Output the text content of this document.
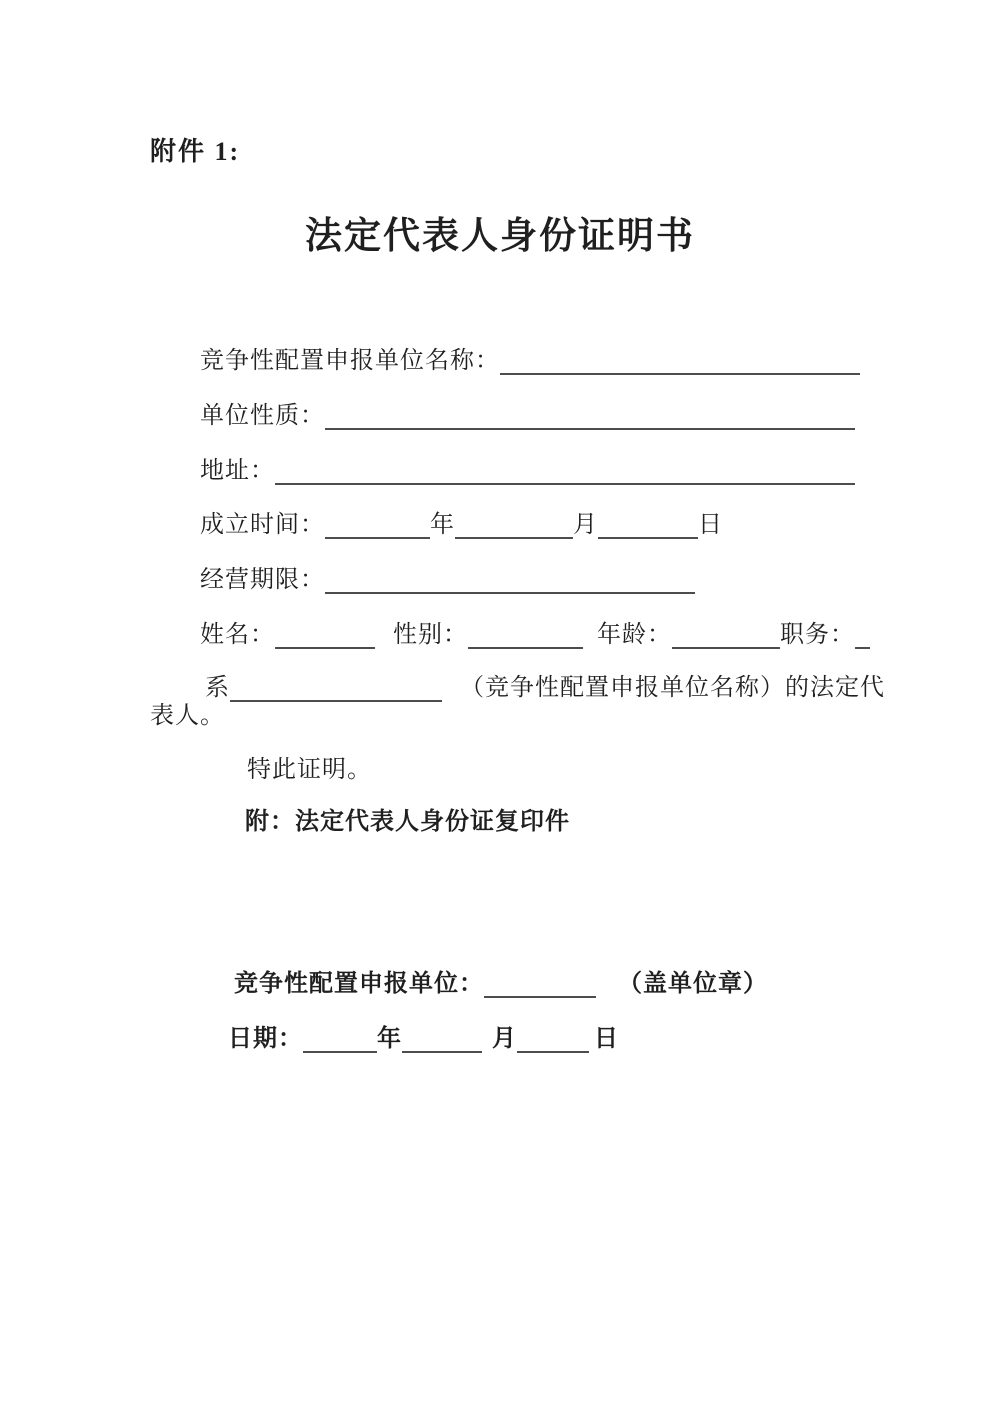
附件 1:
法定代表人身份证明书
竞争性配置申报单位名称：
单位性质：
地址：
成立时间：	年	月	日
经营期限：
姓名：	性别：	年龄：	职务：
系	（竞争性配置申报单位名称）的法定代
表人。
特此证明。
附：法定代表人身份证复印件
竞争性配置申报单位：	（盖单位章）
日期：	年	月	日
